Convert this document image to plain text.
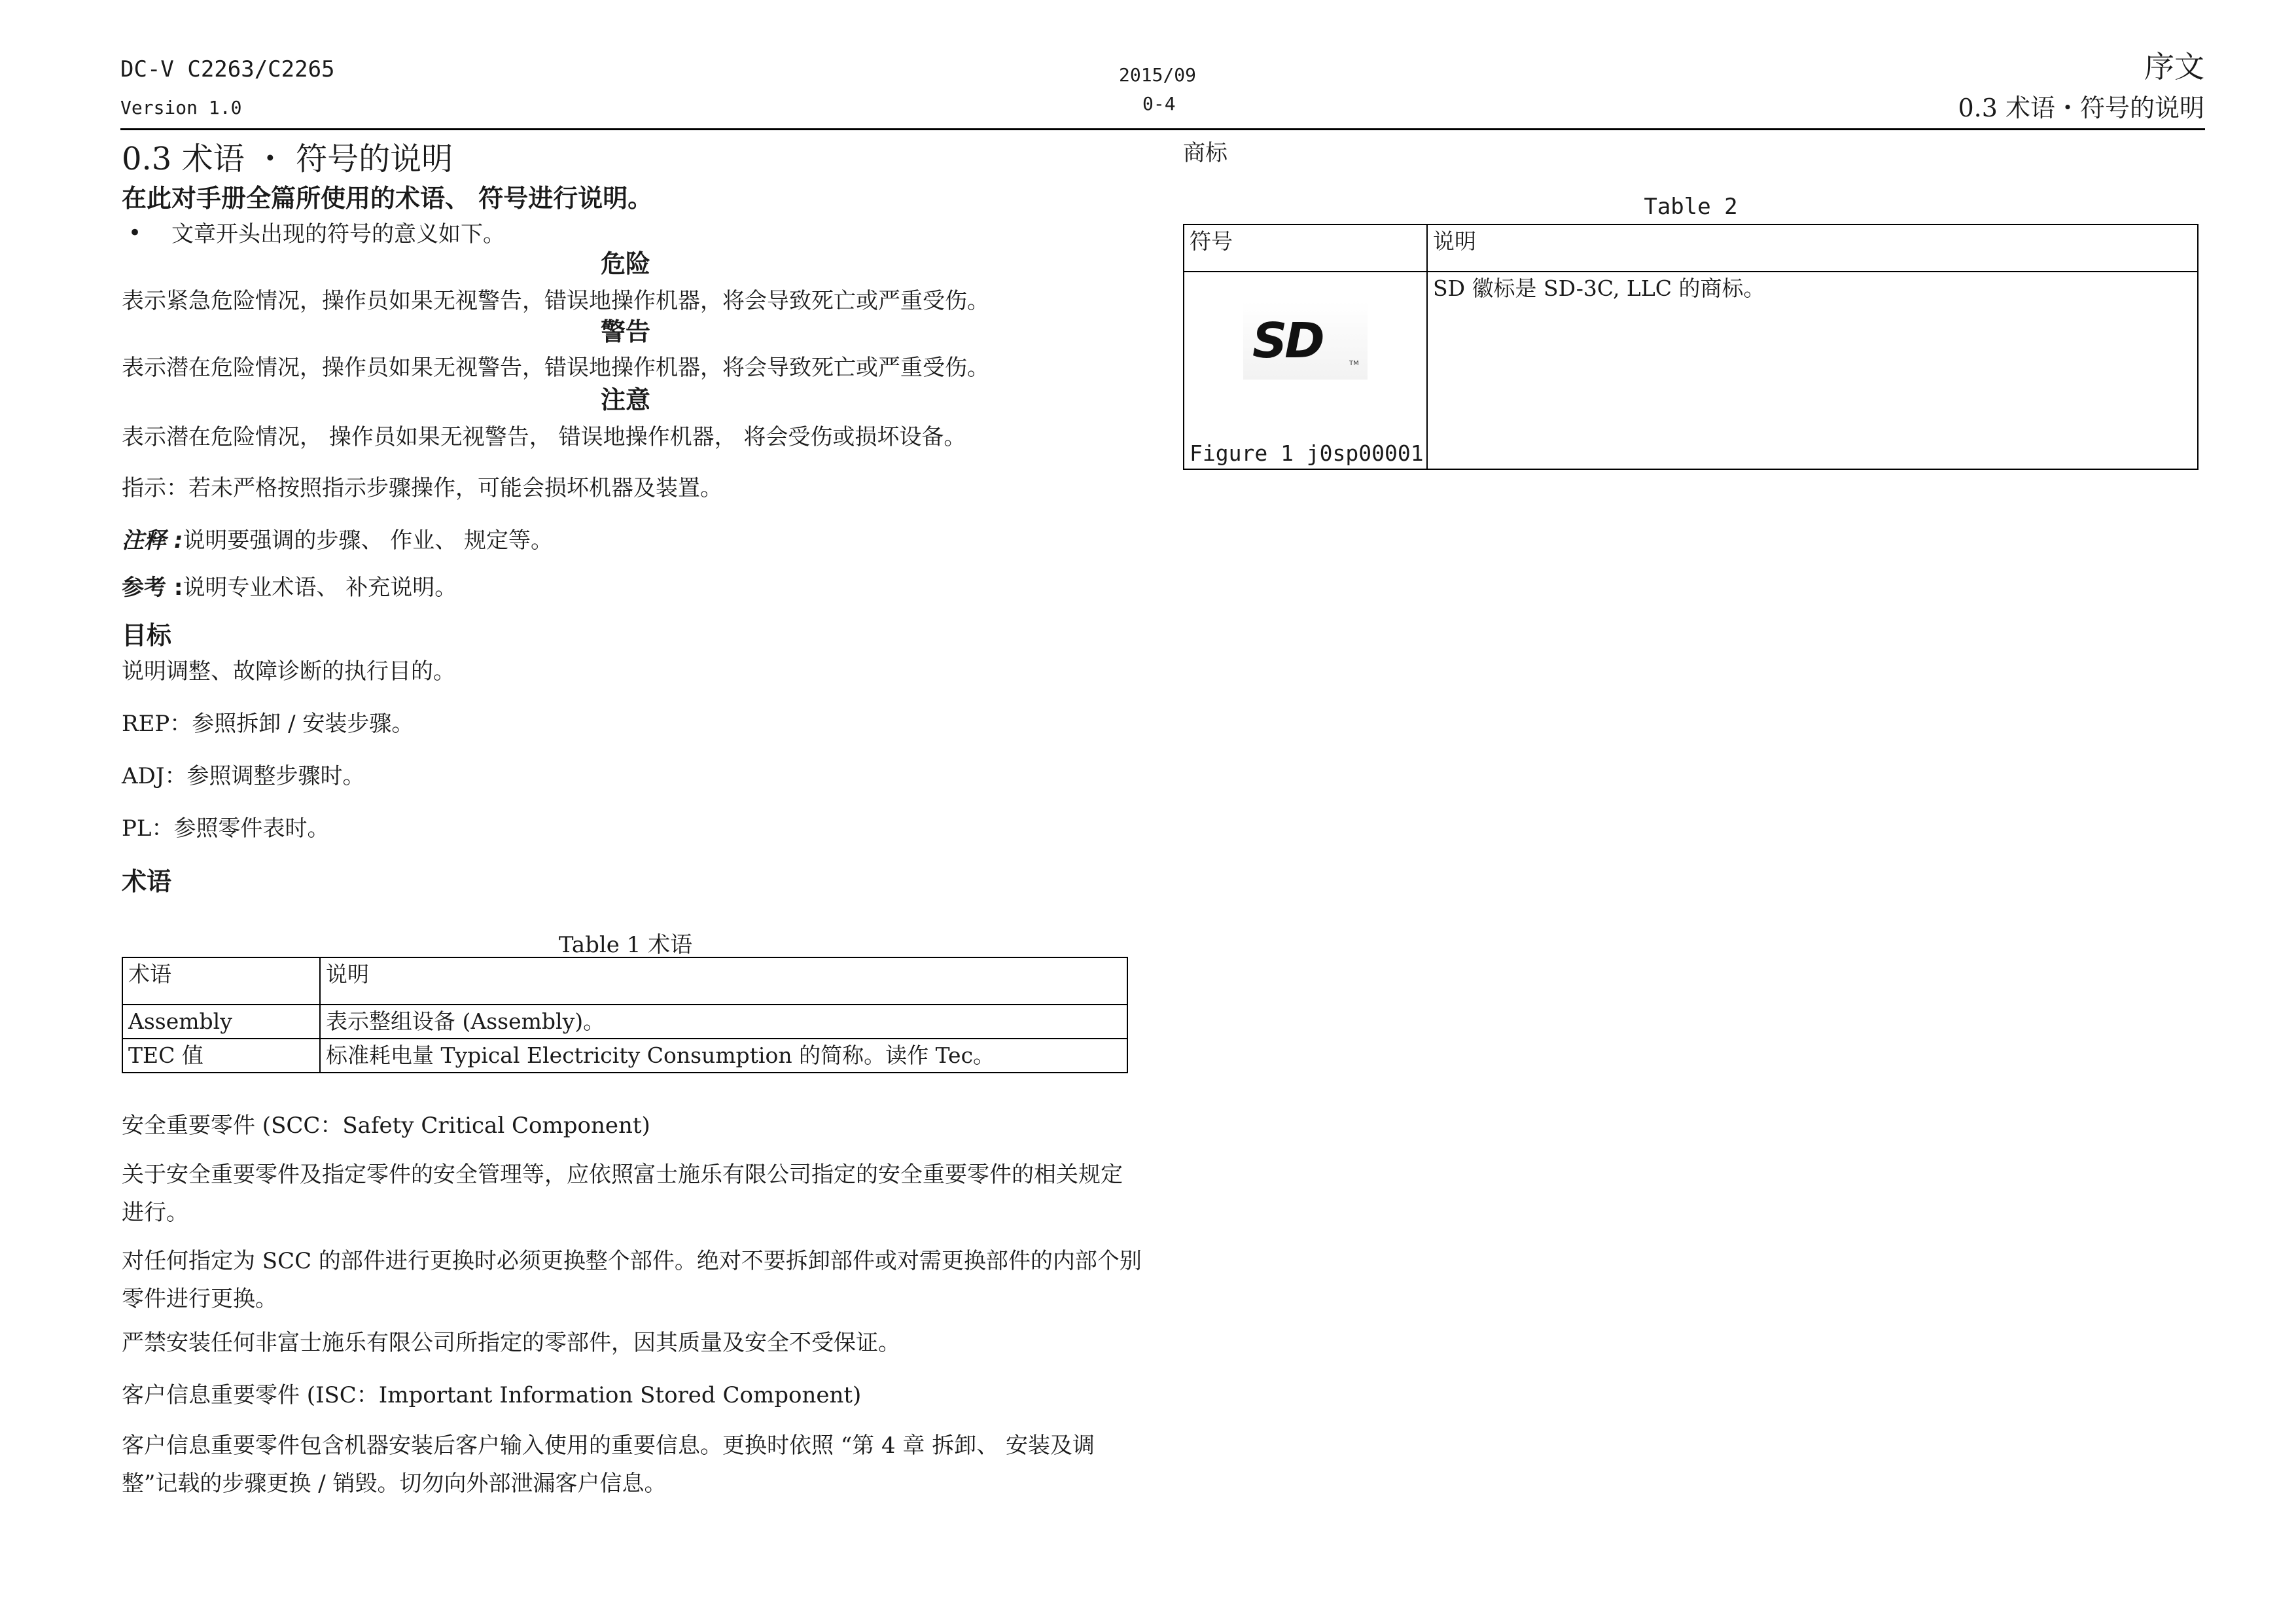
DC-V C2263/C2265
Version 1.0
2015/09
0-4
序文
0.3 术语・符号的说明
0.3 术语 ・ 符号的说明
在此对手册全篇所使用的术语、 符号进行说明。
• 文章开头出现的符号的意义如下。
危险
表示紧急危险情况，操作员如果无视警告，错误地操作机器，将会导致死亡或严重受伤。
警告
表示潜在危险情况，操作员如果无视警告，错误地操作机器，将会导致死亡或严重受伤。
注意
表示潜在危险情况， 操作员如果无视警告， 错误地操作机器， 将会受伤或损坏设备。
指示：若未严格按照指示步骤操作，可能会损坏机器及装置。
注释 :说明要强调的步骤、 作业、 规定等。
参考 :说明专业术语、 补充说明。
目标
说明调整、故障诊断的执行目的。
REP：参照拆卸 / 安装步骤。
ADJ：参照调整步骤时。
PL：参照零件表时。
术语
Table 1 术语
术语	说明
Assembly	表示整组设备 (Assembly)。
TEC 值	标准耗电量 Typical Electricity Consumption 的简称。读作 Tec。
安全重要零件 (SCC：Safety Critical Component)
关于安全重要零件及指定零件的安全管理等，应依照富士施乐有限公司指定的安全重要零件的相关规定进行。
对任何指定为 SCC 的部件进行更换时必须更换整个部件。绝对不要拆卸部件或对需更换部件的内部个别零件进行更换。
严禁安装任何非富士施乐有限公司所指定的零部件，因其质量及安全不受保证。
客户信息重要零件 (ISC：Important Information Stored Component)
客户信息重要零件包含机器安装后客户输入使用的重要信息。更换时依照 “第 4 章 拆卸、 安装及调整”记载的步骤更换 / 销毁。切勿向外部泄漏客户信息。
商标
Table 2
符号	说明

SD TM
Figure 1 j0sp00001	SD 徽标是 SD-3C, LLC 的商标。
